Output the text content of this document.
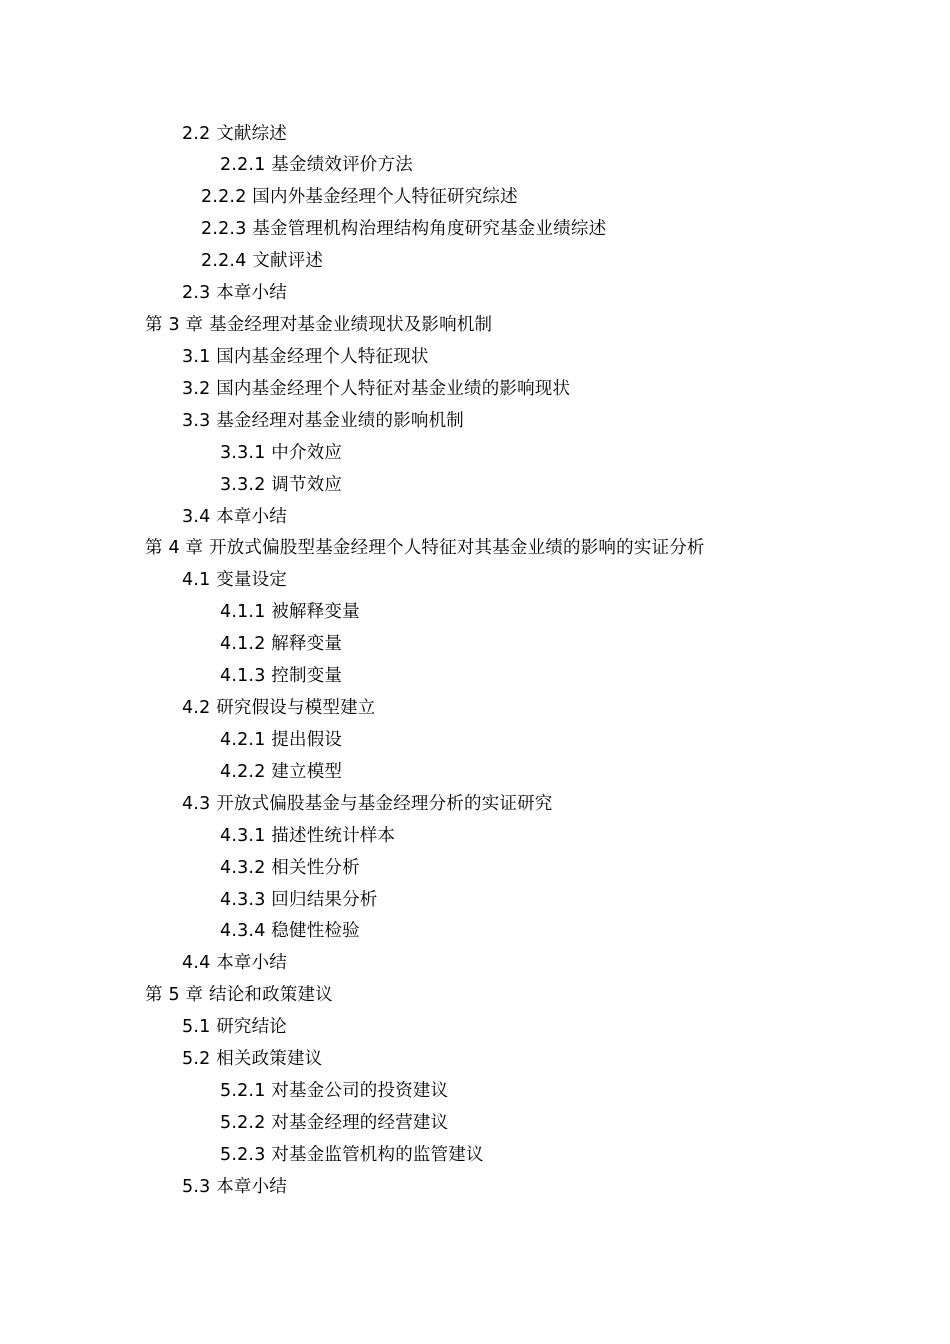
2.2 文献综述
2.2.1 基金绩效评价方法
2.2.2 国内外基金经理个人特征研究综述
2.2.3 基金管理机构治理结构角度研究基金业绩综述
2.2.4 文献评述
2.3 本章小结
第 3 章 基金经理对基金业绩现状及影响机制
3.1 国内基金经理个人特征现状
3.2 国内基金经理个人特征对基金业绩的影响现状
3.3 基金经理对基金业绩的影响机制
3.3.1 中介效应
3.3.2 调节效应
3.4 本章小结
第 4 章 开放式偏股型基金经理个人特征对其基金业绩的影响的实证分析
4.1 变量设定
4.1.1 被解释变量
4.1.2 解释变量
4.1.3 控制变量
4.2 研究假设与模型建立
4.2.1 提出假设
4.2.2 建立模型
4.3 开放式偏股基金与基金经理分析的实证研究
4.3.1 描述性统计样本
4.3.2 相关性分析
4.3.3 回归结果分析
4.3.4 稳健性检验
4.4 本章小结
第 5 章 结论和政策建议
5.1 研究结论
5.2 相关政策建议
5.2.1 对基金公司的投资建议
5.2.2 对基金经理的经营建议
5.2.3 对基金监管机构的监管建议
5.3 本章小结
